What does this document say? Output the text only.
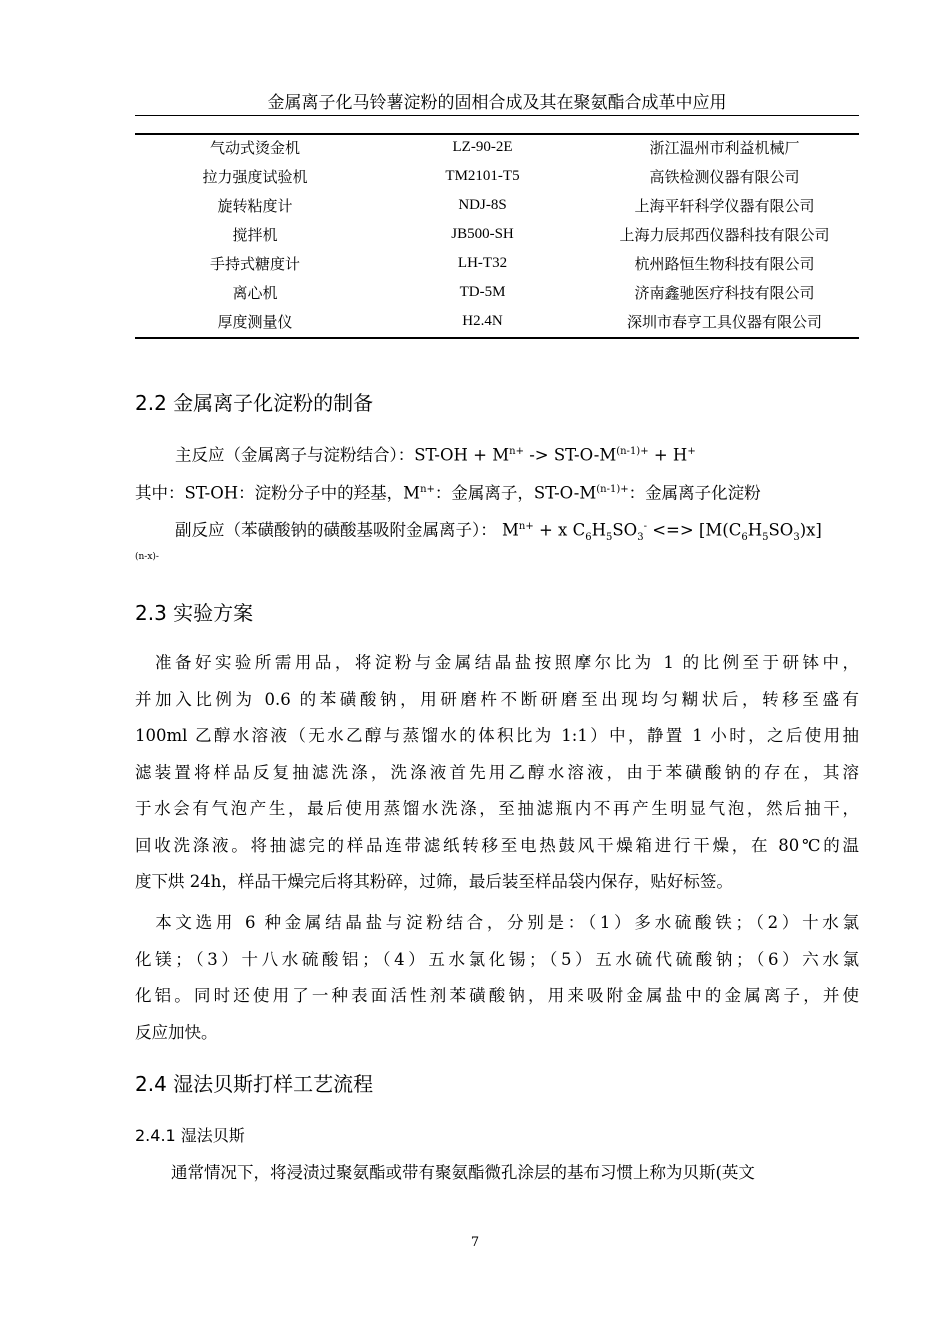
金属离子化马铃薯淀粉的固相合成及其在聚氨酯合成革中应用
气动式烫金机	LZ-90-2E	浙江温州市利益机械厂
拉力强度试验机	TM2101-T5	高铁检测仪器有限公司
旋转粘度计	NDJ-8S	上海平轩科学仪器有限公司
搅拌机	JB500-SH	上海力辰邦西仪器科技有限公司
手持式糖度计	LH-T32	杭州路恒生物科技有限公司
离心机	TD-5M	济南鑫驰医疗科技有限公司
厚度测量仪	H2.4N	深圳市春亨工具仪器有限公司
2.2 金属离子化淀粉的制备
主反应（金属离子与淀粉结合）：$ST-OH + M^{n+} -> ST-O-M^{(n-1)+} + H^+$
其中：ST-OH：淀粉分子中的羟基，$M^{n+}$：金属离子，$ST-O-M^{(n-1)+}$：金属离子化淀粉
副反应（苯磺酸钠的磺酸基吸附金属离子）： $M^{n+} + x$ $C_6H_5SO_3^-$ <=> $[M(C_6H_5SO_3)x]$
(n-x)-
2.3 实验方案
　准备好实验所需用品，将淀粉与金属结晶盐按照摩尔比为 1 的比例至于研钵中，
并加入比例为 0.6 的苯磺酸钠，用研磨杵不断研磨至出现均匀糊状后，转移至盛有
100ml 乙醇水溶液（无水乙醇与蒸馏水的体积比为 1:1）中，静置 1 小时，之后使用抽
滤装置将样品反复抽滤洗涤，洗涤液首先用乙醇水溶液，由于苯磺酸钠的存在，其溶
于水会有气泡产生，最后使用蒸馏水洗涤，至抽滤瓶内不再产生明显气泡，然后抽干，
回收洗涤液。将抽滤完的样品连带滤纸转移至电热鼓风干燥箱进行干燥，在 80℃的温
度下烘 24h，样品干燥完后将其粉碎，过筛，最后装至样品袋内保存，贴好标签。
　本文选用 6 种金属结晶盐与淀粉结合，分别是：（1）多水硫酸铁；（2）十水氯
化镁；（3）十八水硫酸铝；（4）五水氯化锡；（5）五水硫代硫酸钠；（6）六水氯
化铝。同时还使用了一种表面活性剂苯磺酸钠，用来吸附金属盐中的金属离子，并使
反应加快。
2.4 湿法贝斯打样工艺流程
2.4.1 湿法贝斯
通常情况下，将浸渍过聚氨酯或带有聚氨酯微孔涂层的基布习惯上称为贝斯(英文
7
